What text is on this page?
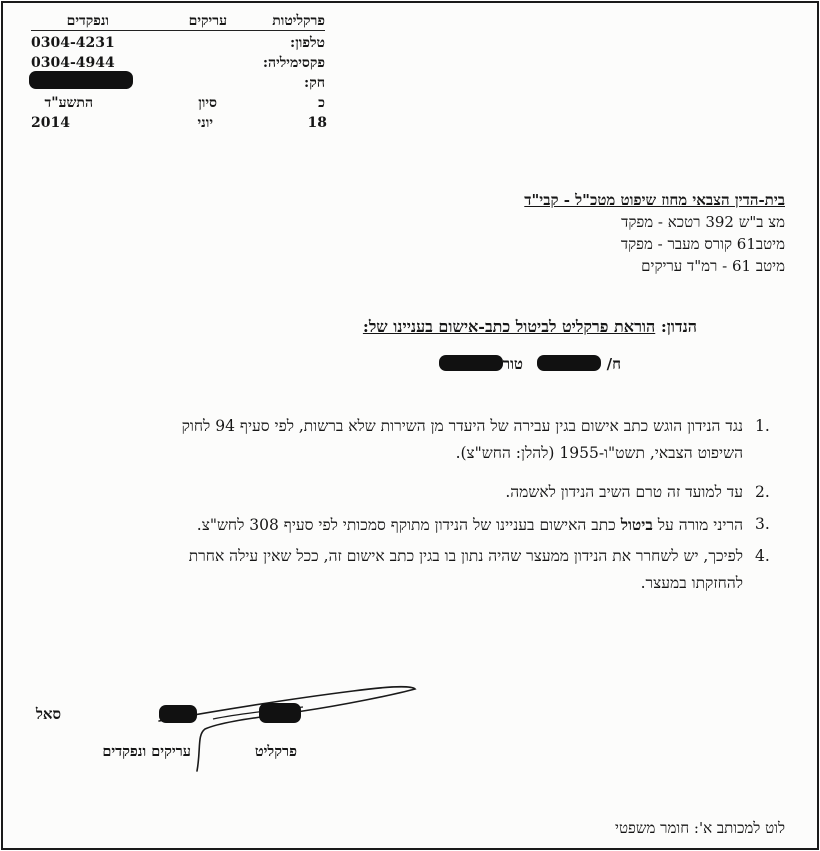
פרקליטות
עריקים
ונפקדים
טלפון:
0304-4231
פקסימיליה:
0304-4944
חק:
כ
סיון
התשע"ד
18
יוני
2014
בית-הדין הצבאי מחוז שיפוט מטכ"ל - קבי"ד
מצ ב"ש 392 רטכא - מפקד
מיטב61 קורס מעבר - מפקד
מיטב 61 - רמ"ד עריקים
הנדון: הוראת פרקליט לביטול כתב-אישום בעניינו של:
ח/
טור
1.
נגד הנידון הוגש כתב אישום בגין עבירה של היעדר מן השירות שלא ברשות, לפי סעיף 94 לחוק
השיפוט הצבאי, תשט"ו-1955 (להלן: החש"צ).
2.
עד למועד זה טרם השיב הנידון לאשמה.
3.
הריני מורה על ביטול כתב האישום בעניינו של הנידון מתוקף סמכותי לפי סעיף 308 לחש"צ.
4.
לפיכך, יש לשחרר את הנידון ממעצר שהיה נתון בו בגין כתב אישום זה, ככל שאין עילה אחרת
להחזקתו במעצר.
סאל
פרקליט
עריקים ונפקדים
לוט למכותב א': חומר משפטי
